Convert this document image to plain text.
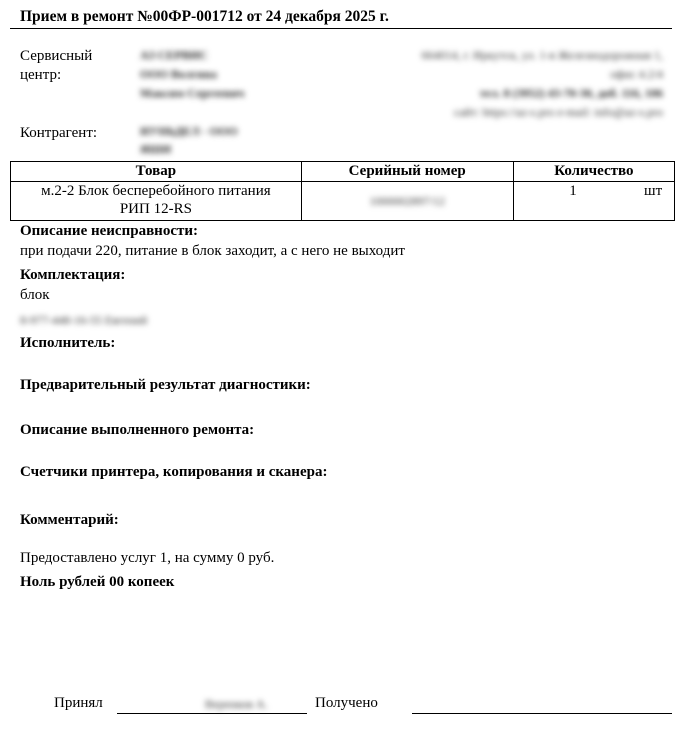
Прием в ремонт №00ФР-001712 от 24 декабря 2025 г.
Сервисный
центр:
АЗ СЕРВИС
ООО Волгина
Максим Сергеевич
664014, г. Иркутск, ул. 1-я Железнодорожная 1,
офис 4.2/4
тел. 8 (3952) 43-70-30, доб. 116, 106
сайт: https://az-s.pro e-mail: info@az-s.pro
Контрагент:	ИУНЬДЕЛ - ООО
ЯШИ
Товар	Серийный номер	Количество	

м.2-2 Блок бесперебойного питания
РИП 12-RS	1000002897/12	1	шт
Описание неисправности:
при подачи 220, питание в блок заходит, а с него не выходит
Комплектация:
блок
8-977-448-16-55 Евгений
Исполнитель:
Предварительный результат диагностики:
Описание выполненного ремонта:
Счетчики принтера, копирования и сканера:
Комментарий:
Предоставлено услуг 1, на сумму 0 руб.
Ноль рублей 00 копеек
Принял	Веренков А.	Получено
